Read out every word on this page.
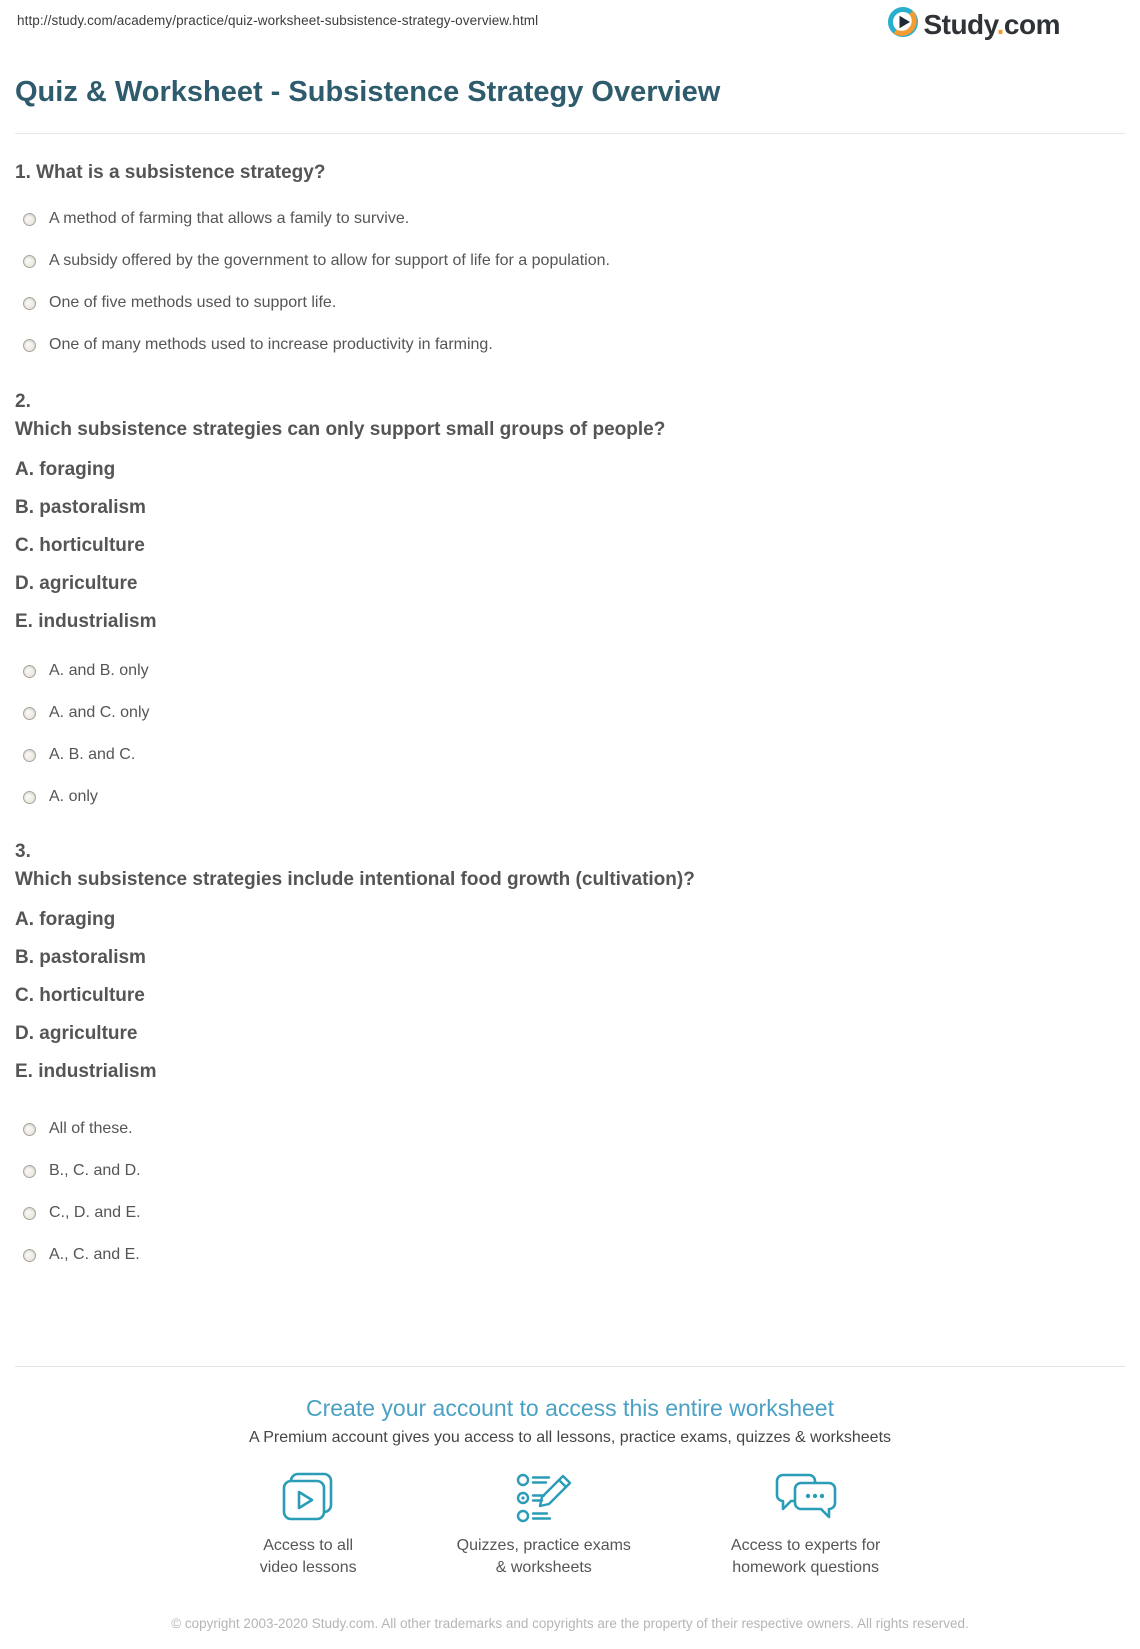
http://study.com/academy/practice/quiz-worksheet-subsistence-strategy-overview.html	Study.com
Quiz & Worksheet - Subsistence Strategy Overview
1. What is a subsistence strategy?
A method of farming that allows a family to survive.
A subsidy offered by the government to allow for support of life for a population.
One of five methods used to support life.
One of many methods used to increase productivity in farming.
2.
Which subsistence strategies can only support small groups of people?
A. foraging
B. pastoralism
C. horticulture
D. agriculture
E. industrialism
A. and B. only
A. and C. only
A. B. and C.
A. only
3.
Which subsistence strategies include intentional food growth (cultivation)?
A. foraging
B. pastoralism
C. horticulture
D. agriculture
E. industrialism
All of these.
B., C. and D.
C., D. and E.
A., C. and E.
Create your account to access this entire worksheet
A Premium account gives you access to all lessons, practice exams, quizzes & worksheets
Access to all
video lessons
Quizzes, practice exams
& worksheets
Access to experts for
homework questions
© copyright 2003-2020 Study.com. All other trademarks and copyrights are the property of their respective owners. All rights reserved.
